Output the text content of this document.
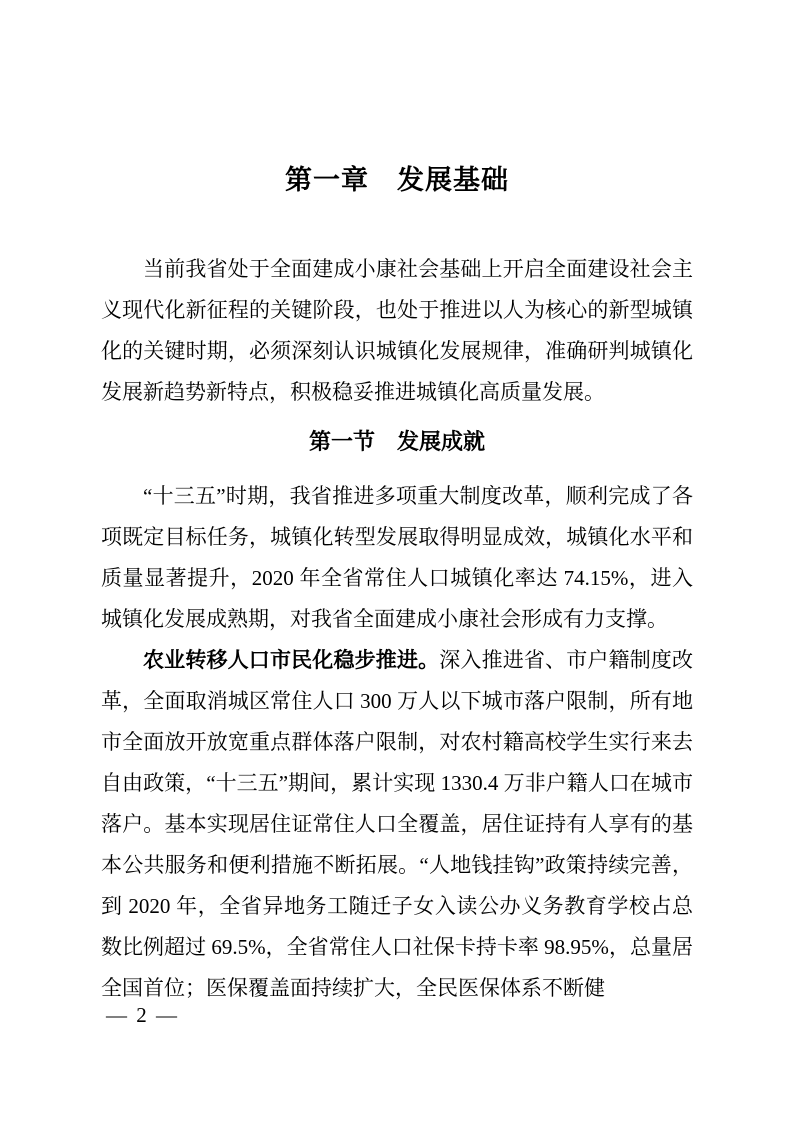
第一章　发展基础

当前我省处于全面建成小康社会基础上开启全面建设社会主义现代化新征程的关键阶段，也处于推进以人为核心的新型城镇化的关键时期，必须深刻认识城镇化发展规律，准确研判城镇化发展新趋势新特点，积极稳妥推进城镇化高质量发展。

第一节　发展成就

“十三五”时期，我省推进多项重大制度改革，顺利完成了各项既定目标任务，城镇化转型发展取得明显成效，城镇化水平和质量显著提升，2020 年全省常住人口城镇化率达 74.15%，进入城镇化发展成熟期，对我省全面建成小康社会形成有力支撑。

农业转移人口市民化稳步推进。深入推进省、市户籍制度改革，全面取消城区常住人口 300 万人以下城市落户限制，所有地市全面放开放宽重点群体落户限制，对农村籍高校学生实行来去自由政策，“十三五”期间，累计实现 1330.4 万非户籍人口在城市落户。基本实现居住证常住人口全覆盖，居住证持有人享有的基本公共服务和便利措施不断拓展。“人地钱挂钩”政策持续完善，到 2020 年，全省异地务工随迁子女入读公办义务教育学校占总数比例超过 69.5%，全省常住人口社保卡持卡率 98.95%，总量居全国首位；医保覆盖面持续扩大，全民医保体系不断健

— 2 —
